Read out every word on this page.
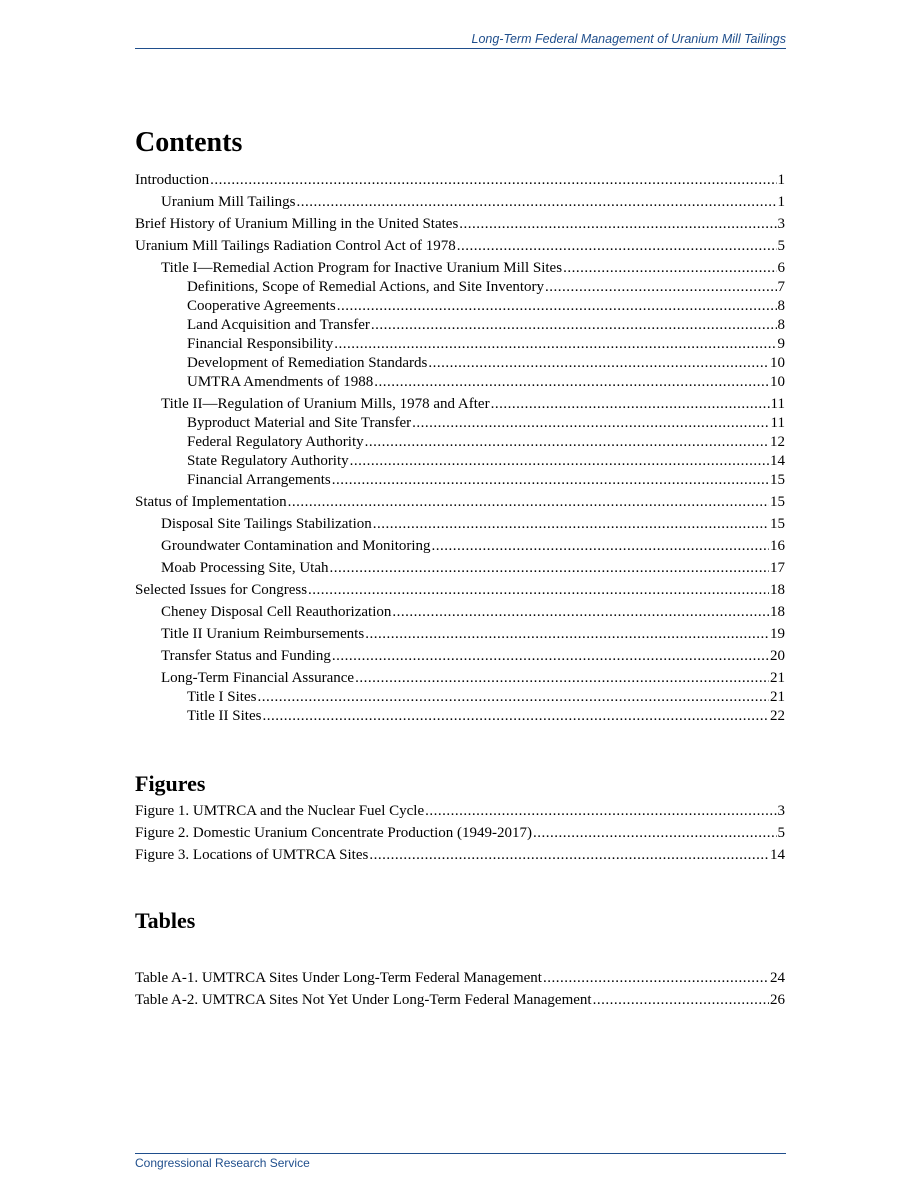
Long-Term Federal Management of Uranium Mill Tailings
Contents
Introduction .....	1
Uranium Mill Tailings .....	1
Brief History of Uranium Milling in the United States .....	3
Uranium Mill Tailings Radiation Control Act of 1978 .....	5
Title I—Remedial Action Program for Inactive Uranium Mill Sites .....	6
Definitions, Scope of Remedial Actions, and Site Inventory .....	7
Cooperative Agreements .....	8
Land Acquisition and Transfer .....	8
Financial Responsibility .....	9
Development of Remediation Standards .....	10
UMTRA Amendments of 1988 .....	10
Title II—Regulation of Uranium Mills, 1978 and After .....	11
Byproduct Material and Site Transfer .....	11
Federal Regulatory Authority .....	12
State Regulatory Authority .....	14
Financial Arrangements .....	15
Status of Implementation .....	15
Disposal Site Tailings Stabilization .....	15
Groundwater Contamination and Monitoring .....	16
Moab Processing Site, Utah .....	17
Selected Issues for Congress .....	18
Cheney Disposal Cell Reauthorization .....	18
Title II Uranium Reimbursements .....	19
Transfer Status and Funding .....	20
Long-Term Financial Assurance .....	21
Title I Sites .....	21
Title II Sites .....	22
Figures
Figure 1. UMTRCA and the Nuclear Fuel Cycle .....	3
Figure 2. Domestic Uranium Concentrate Production (1949-2017) .....	5
Figure 3. Locations of UMTRCA Sites .....	14
Tables
Table A-1. UMTRCA Sites Under Long-Term Federal Management .....	24
Table A-2. UMTRCA Sites Not Yet Under Long-Term Federal Management .....	26
Congressional Research Service
